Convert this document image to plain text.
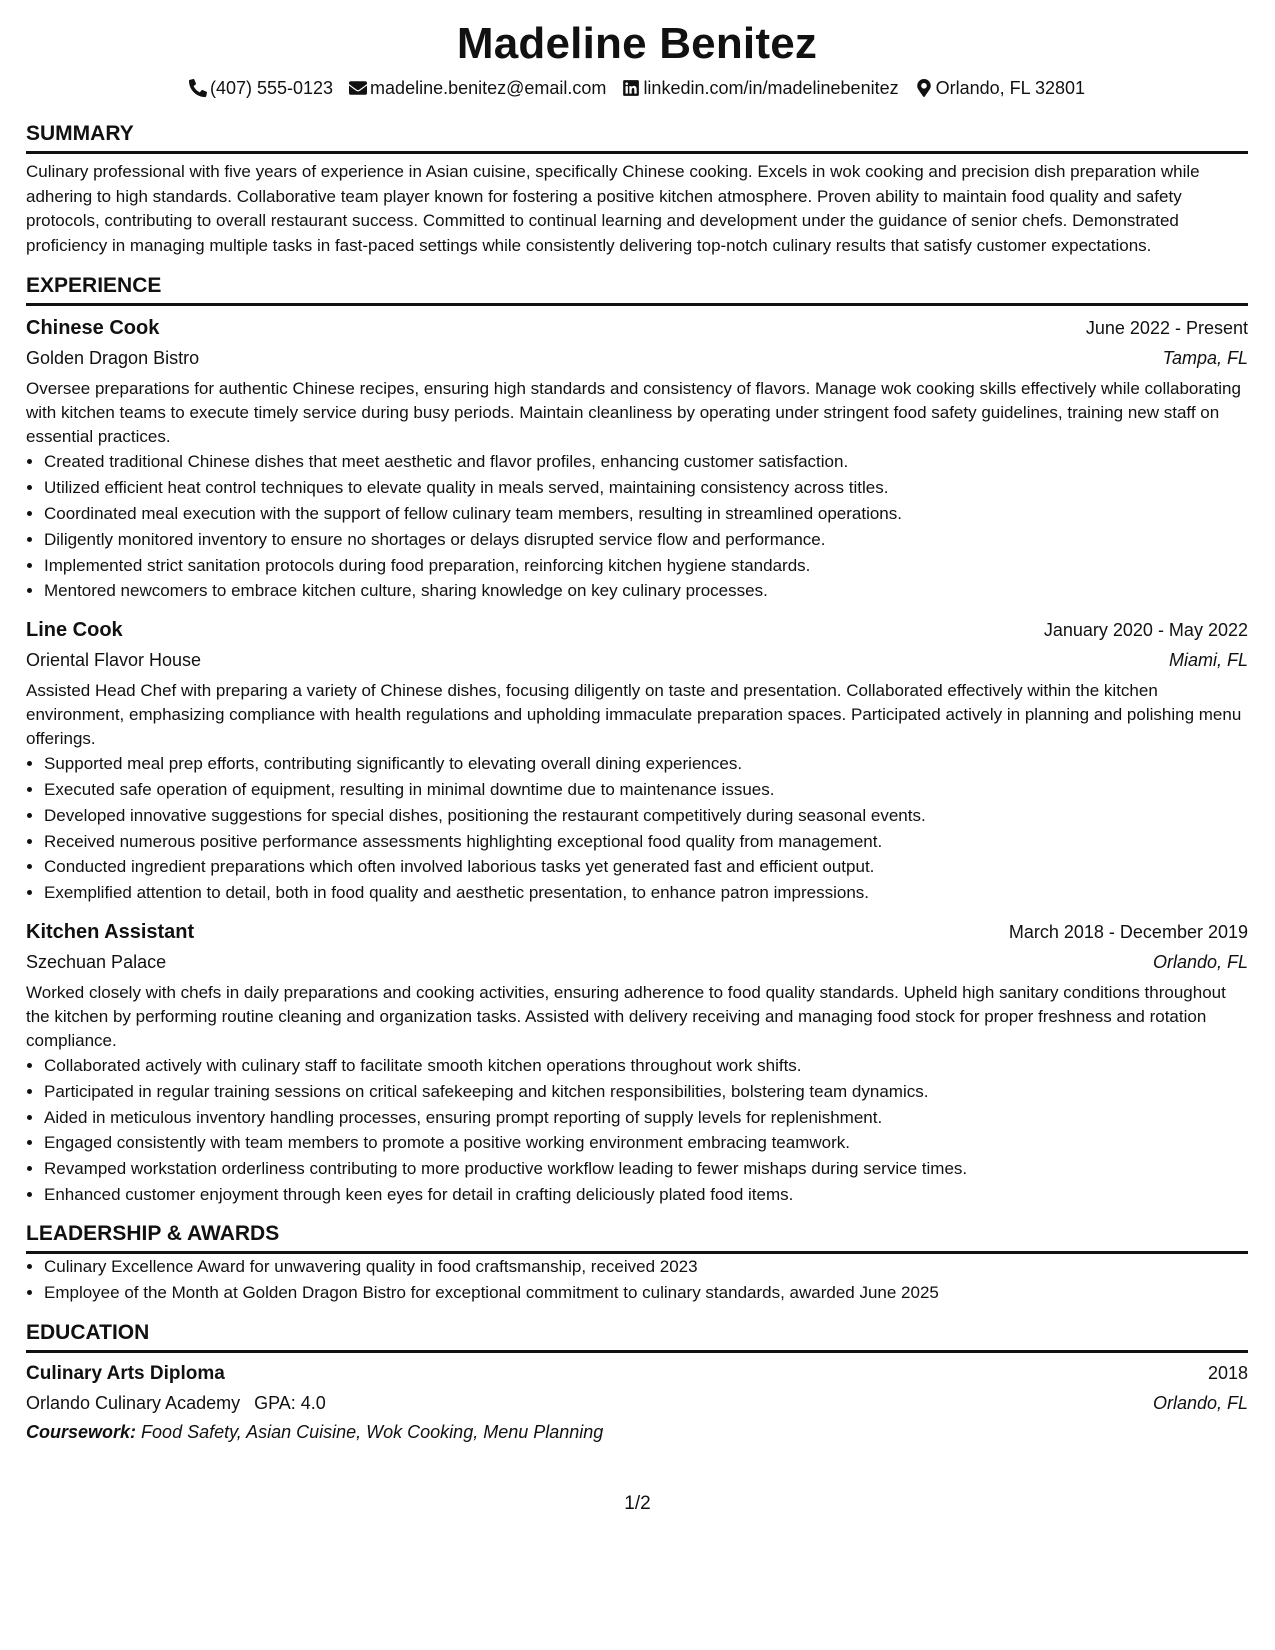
Madeline Benitez
(407) 555-0123 madeline.benitez@email.com linkedin.com/in/madelinebenitez Orlando, FL 32801
SUMMARY

Culinary professional with five years of experience in Asian cuisine, specifically Chinese cooking. Excels in wok cooking and precision dish preparation while adhering to high standards. Collaborative team player known for fostering a positive kitchen atmosphere. Proven ability to maintain food quality and safety protocols, contributing to overall restaurant success. Committed to continual learning and development under the guidance of senior chefs. Demonstrated proficiency in managing multiple tasks in fast-paced settings while consistently delivering top-notch culinary results that satisfy customer expectations.

EXPERIENCE
Chinese Cook	June 2022 - Present
Golden Dragon Bistro	Tampa, FL

Oversee preparations for authentic Chinese recipes, ensuring high standards and consistency of flavors. Manage wok cooking skills effectively while collaborating with kitchen teams to execute timely service during busy periods. Maintain cleanliness by operating under stringent food safety guidelines, training new staff on essential practices.

• Created traditional Chinese dishes that meet aesthetic and flavor profiles, enhancing customer satisfaction.
• Utilized efficient heat control techniques to elevate quality in meals served, maintaining consistency across titles.
• Coordinated meal execution with the support of fellow culinary team members, resulting in streamlined operations.
• Diligently monitored inventory to ensure no shortages or delays disrupted service flow and performance.
• Implemented strict sanitation protocols during food preparation, reinforcing kitchen hygiene standards.
• Mentored newcomers to embrace kitchen culture, sharing knowledge on key culinary processes.
Line Cook	January 2020 - May 2022
Oriental Flavor House	Miami, FL

Assisted Head Chef with preparing a variety of Chinese dishes, focusing diligently on taste and presentation. Collaborated effectively within the kitchen environment, emphasizing compliance with health regulations and upholding immaculate preparation spaces. Participated actively in planning and polishing menu offerings.

• Supported meal prep efforts, contributing significantly to elevating overall dining experiences.
• Executed safe operation of equipment, resulting in minimal downtime due to maintenance issues.
• Developed innovative suggestions for special dishes, positioning the restaurant competitively during seasonal events.
• Received numerous positive performance assessments highlighting exceptional food quality from management.
• Conducted ingredient preparations which often involved laborious tasks yet generated fast and efficient output.
• Exemplified attention to detail, both in food quality and aesthetic presentation, to enhance patron impressions.
Kitchen Assistant	March 2018 - December 2019
Szechuan Palace	Orlando, FL

Worked closely with chefs in daily preparations and cooking activities, ensuring adherence to food quality standards. Upheld high sanitary conditions throughout the kitchen by performing routine cleaning and organization tasks. Assisted with delivery receiving and managing food stock for proper freshness and rotation compliance.

• Collaborated actively with culinary staff to facilitate smooth kitchen operations throughout work shifts.
• Participated in regular training sessions on critical safekeeping and kitchen responsibilities, bolstering team dynamics.
• Aided in meticulous inventory handling processes, ensuring prompt reporting of supply levels for replenishment.
• Engaged consistently with team members to promote a positive working environment embracing teamwork.
• Revamped workstation orderliness contributing to more productive workflow leading to fewer mishaps during service times.
• Enhanced customer enjoyment through keen eyes for detail in crafting deliciously plated food items.
LEADERSHIP & AWARDS
• Culinary Excellence Award for unwavering quality in food craftsmanship, received 2023
• Employee of the Month at Golden Dragon Bistro for exceptional commitment to culinary standards, awarded June 2025
EDUCATION
Culinary Arts Diploma	2018
Orlando Culinary Academy GPA: 4.0	Orlando, FL
Coursework: Food Safety, Asian Cuisine, Wok Cooking, Menu Planning
1/2
